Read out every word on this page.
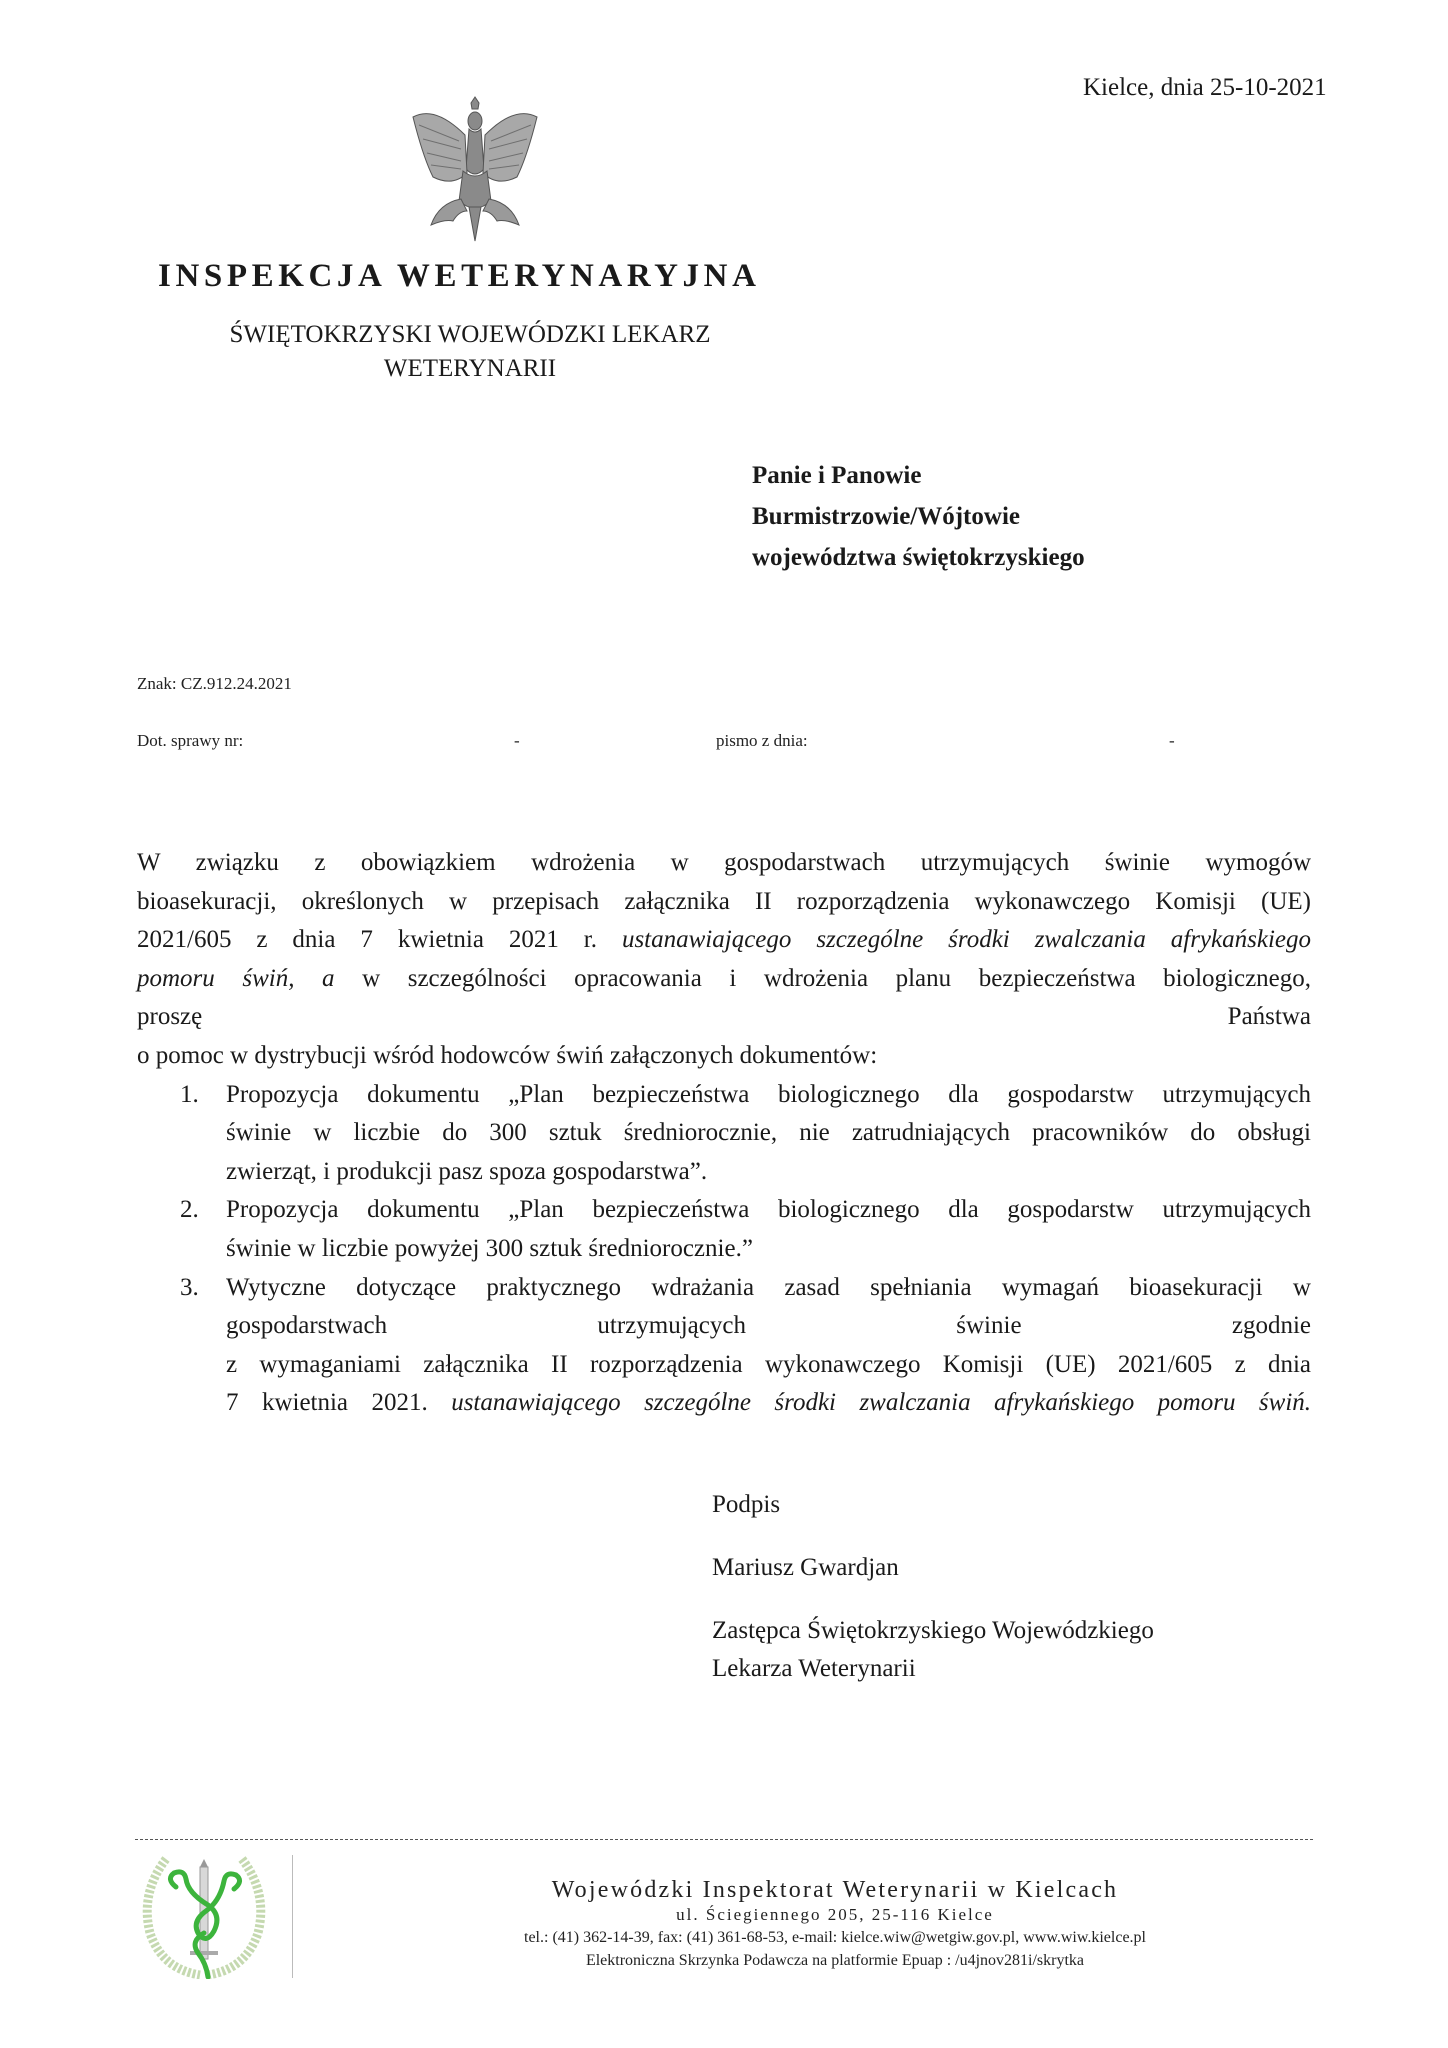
Kielce, dnia 25-10-2021
INSPEKCJA WETERYNARYJNA
ŚWIĘTOKRZYSKI WOJEWÓDZKI LEKARZ
WETERYNARII
Panie i Panowie
Burmistrzowie/Wójtowie
województwa świętokrzyskiego
Znak: CZ.912.24.2021
Dot. sprawy nr:	-	pismo z dnia:	-
W związku z obowiązkiem wdrożenia w gospodarstwach utrzymujących świnie wymogów
bioasekuracji, określonych w przepisach załącznika II rozporządzenia wykonawczego Komisji (UE)
2021/605 z dnia 7 kwietnia 2021 r. ustanawiającego szczególne środki zwalczania afrykańskiego
pomoru świń, a w szczególności opracowania i wdrożenia planu bezpieczeństwa biologicznego,
proszę	Państwa
o pomoc w dystrybucji wśród hodowców świń załączonych dokumentów:
1. Propozycja dokumentu „Plan bezpieczeństwa biologicznego dla gospodarstw utrzymujących
świnie w liczbie do 300 sztuk średniorocznie, nie zatrudniających pracowników do obsługi
zwierząt, i produkcji pasz spoza gospodarstwa”.
2. Propozycja dokumentu „Plan bezpieczeństwa biologicznego dla gospodarstw utrzymujących
świnie w liczbie powyżej 300 sztuk średniorocznie.”
3. Wytyczne dotyczące praktycznego wdrażania zasad spełniania wymagań bioasekuracji w
gospodarstwach utrzymujących świnie zgodnie
z wymaganiami załącznika II rozporządzenia wykonawczego Komisji (UE) 2021/605 z dnia
7 kwietnia 2021. ustanawiającego szczególne środki zwalczania afrykańskiego pomoru świń.
Podpis
Mariusz Gwardjan
Zastępca Świętokrzyskiego Wojewódzkiego
Lekarza Weterynarii
Wojewódzki Inspektorat Weterynarii w Kielcach
ul. Ściegiennego 205, 25-116 Kielce
tel.: (41) 362-14-39, fax: (41) 361-68-53, e-mail: kielce.wiw@wetgiw.gov.pl, www.wiw.kielce.pl
Elektroniczna Skrzynka Podawcza na platformie Epuap : /u4jnov281i/skrytka
